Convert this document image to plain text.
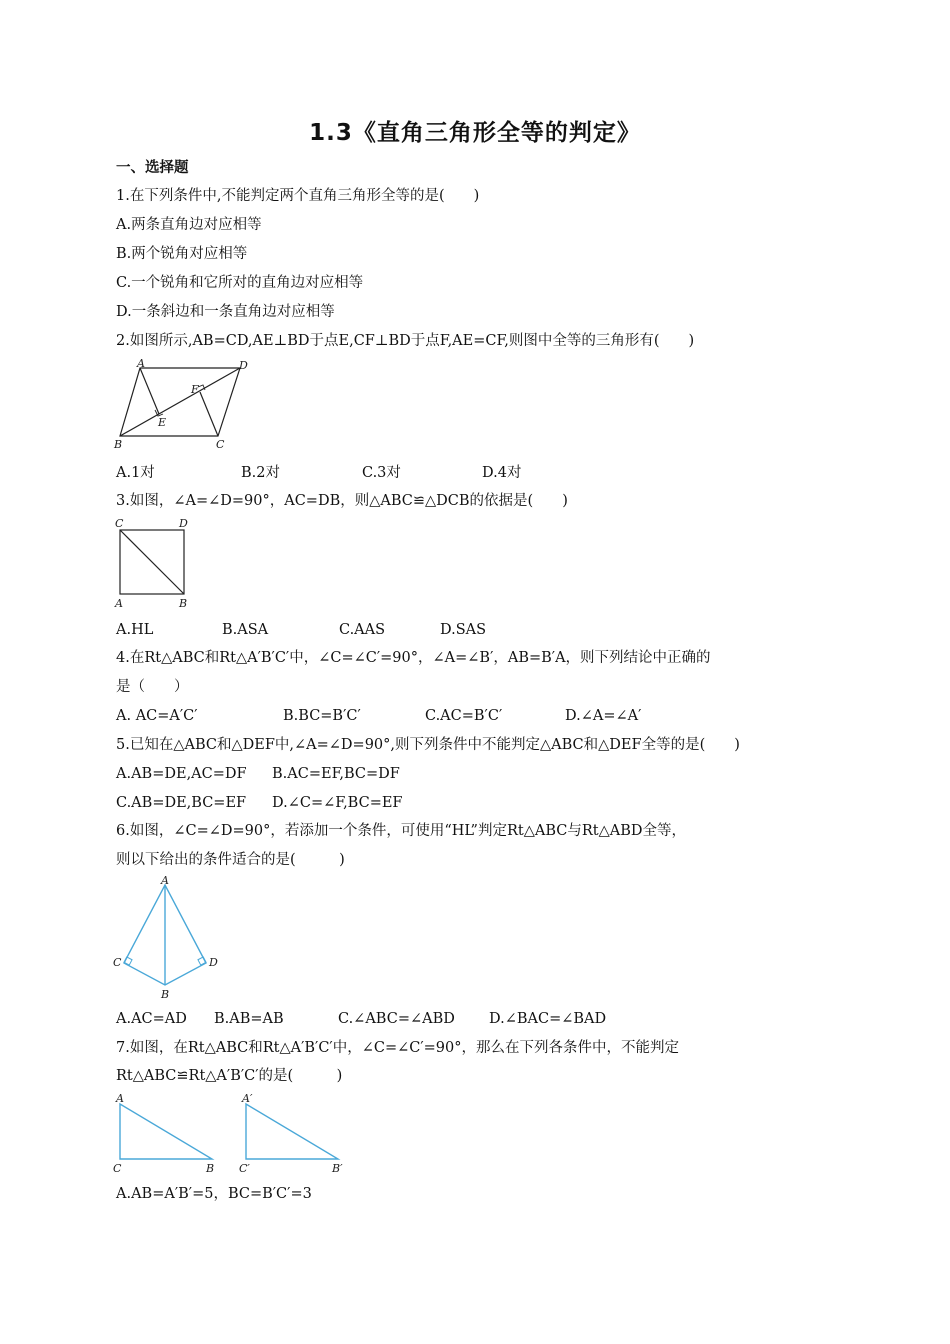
1.3《直角三角形全等的判定》
一、选择题
1.在下列条件中,不能判定两个直角三角形全等的是(　　)
A.两条直角边对应相等
B.两个锐角对应相等
C.一个锐角和它所对的直角边对应相等
D.一条斜边和一条直角边对应相等
2.如图所示,AB=CD,AE⊥BD于点E,CF⊥BD于点F,AE=CF,则图中全等的三角形有(　　)
A	D
F
E
B	C
A.1对	B.2对	C.3对	D.4对
3.如图，∠A=∠D=90°，AC=DB，则△ABC≌△DCB的依据是(　　)
C	D
A	B
A.HL	B.ASA	C.AAS	D.SAS
4.在Rt△ABC和Rt△A′B′C′中，∠C=∠C′=90°，∠A=∠B′，AB=B′A，则下列结论中正确的
是（　　）
A. AC=A′C′	B.BC=B′C′	C.AC=B′C′	D.∠A=∠A′
5.已知在△ABC和△DEF中,∠A=∠D=90°,则下列条件中不能判定△ABC和△DEF全等的是(　　)
A.AB=DE,AC=DF B.AC=EF,BC=DF
C.AB=DE,BC=EF D.∠C=∠F,BC=EF
6.如图，∠C=∠D=90°，若添加一个条件，可使用“HL”判定Rt△ABC与Rt△ABD全等，
则以下给出的条件适合的是(　　　)
A
C	D
B
A.AC=AD B.AB=AB	C.∠ABC=∠ABD D.∠BAC=∠BAD
7.如图，在Rt△ABC和Rt△A′B′C′中，∠C=∠C′=90°，那么在下列各条件中，不能判定
Rt△ABC≌Rt△A′B′C′的是(　　　)
A
C	B
A′
C′	B′
A.AB=A′B′=5，BC=B′C′=3
